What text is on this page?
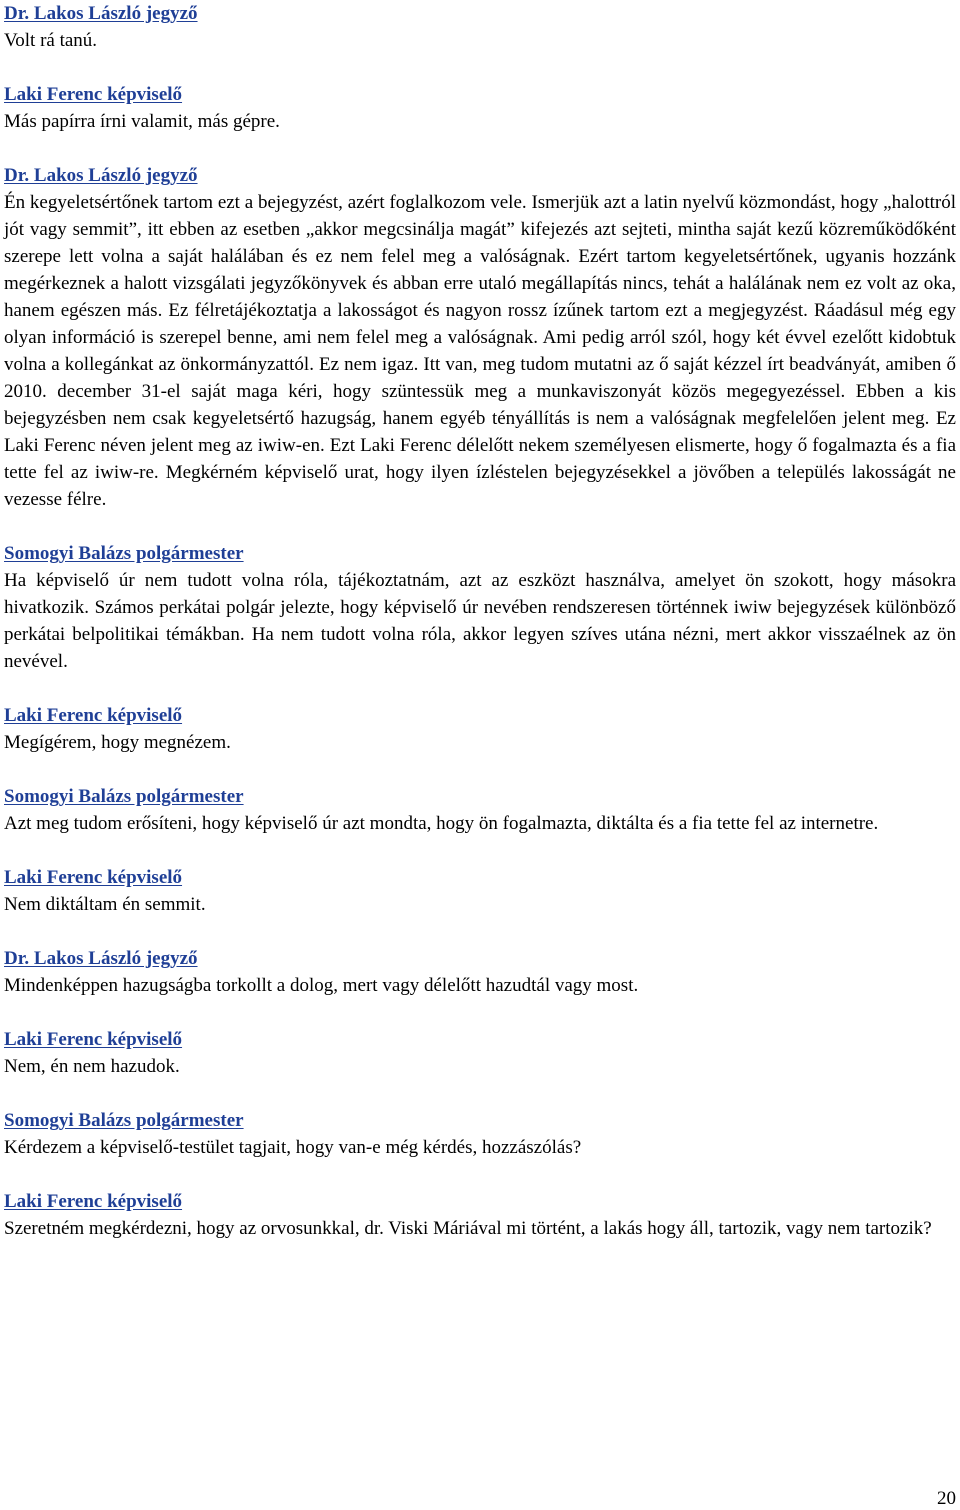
Dr. Lakos László jegyző

Volt rá tanú.

Laki Ferenc képviselő

Más papírra írni valamit, más gépre.

Dr. Lakos László jegyző

Én kegyeletsértőnek tartom ezt a bejegyzést, azért foglalkozom vele. Ismerjük azt a latin nyelvű közmondást, hogy „halottról jót vagy semmit”, itt ebben az esetben „akkor megcsinálja magát” kifejezés azt sejteti, mintha saját kezű közreműködőként szerepe lett volna a saját halálában és ez nem felel meg a valóságnak. Ezért tartom kegyeletsértőnek, ugyanis hozzánk megérkeznek a halott vizsgálati jegyzőkönyvek és abban erre utaló megállapítás nincs, tehát a halálának nem ez volt az oka, hanem egészen más. Ez félretájékoztatja a lakosságot és nagyon rossz ízűnek tartom ezt a megjegyzést. Ráadásul még egy olyan információ is szerepel benne, ami nem felel meg a valóságnak. Ami pedig arról szól, hogy két évvel ezelőtt kidobtuk volna a kollegánkat az önkormányzattól. Ez nem igaz. Itt van, meg tudom mutatni az ő saját kézzel írt beadványát, amiben ő 2010. december 31-el saját maga kéri, hogy szüntessük meg a munkaviszonyát közös megegyezéssel. Ebben a kis bejegyzésben nem csak kegyeletsértő hazugság, hanem egyéb tényállítás is nem a valóságnak megfelelően jelent meg. Ez Laki Ferenc néven jelent meg az iwiw-en. Ezt Laki Ferenc délelőtt nekem személyesen elismerte, hogy ő fogalmazta és a fia tette fel az iwiw-re. Megkérném képviselő urat, hogy ilyen ízléstelen bejegyzésekkel a jövőben a település lakosságát ne vezesse félre.

Somogyi Balázs polgármester

Ha képviselő úr nem tudott volna róla, tájékoztatnám, azt az eszközt használva, amelyet ön szokott, hogy másokra hivatkozik. Számos perkátai polgár jelezte, hogy képviselő úr nevében rendszeresen történnek iwiw bejegyzések különböző perkátai belpolitikai témákban. Ha nem tudott volna róla, akkor legyen szíves utána nézni, mert akkor visszaélnek az ön nevével.

Laki Ferenc képviselő

Megígérem, hogy megnézem.

Somogyi Balázs polgármester

Azt meg tudom erősíteni, hogy képviselő úr azt mondta, hogy ön fogalmazta, diktálta és a fia tette fel az internetre.

Laki Ferenc képviselő

Nem diktáltam én semmit.

Dr. Lakos László jegyző

Mindenképpen hazugságba torkollt a dolog, mert vagy délelőtt hazudtál vagy most.

Laki Ferenc képviselő

Nem, én nem hazudok.

Somogyi Balázs polgármester

Kérdezem a képviselő-testület tagjait, hogy van-e még kérdés, hozzászólás?

Laki Ferenc képviselő

Szeretném megkérdezni, hogy az orvosunkkal, dr. Viski Máriával mi történt, a lakás hogy áll, tartozik, vagy nem tartozik?

20
